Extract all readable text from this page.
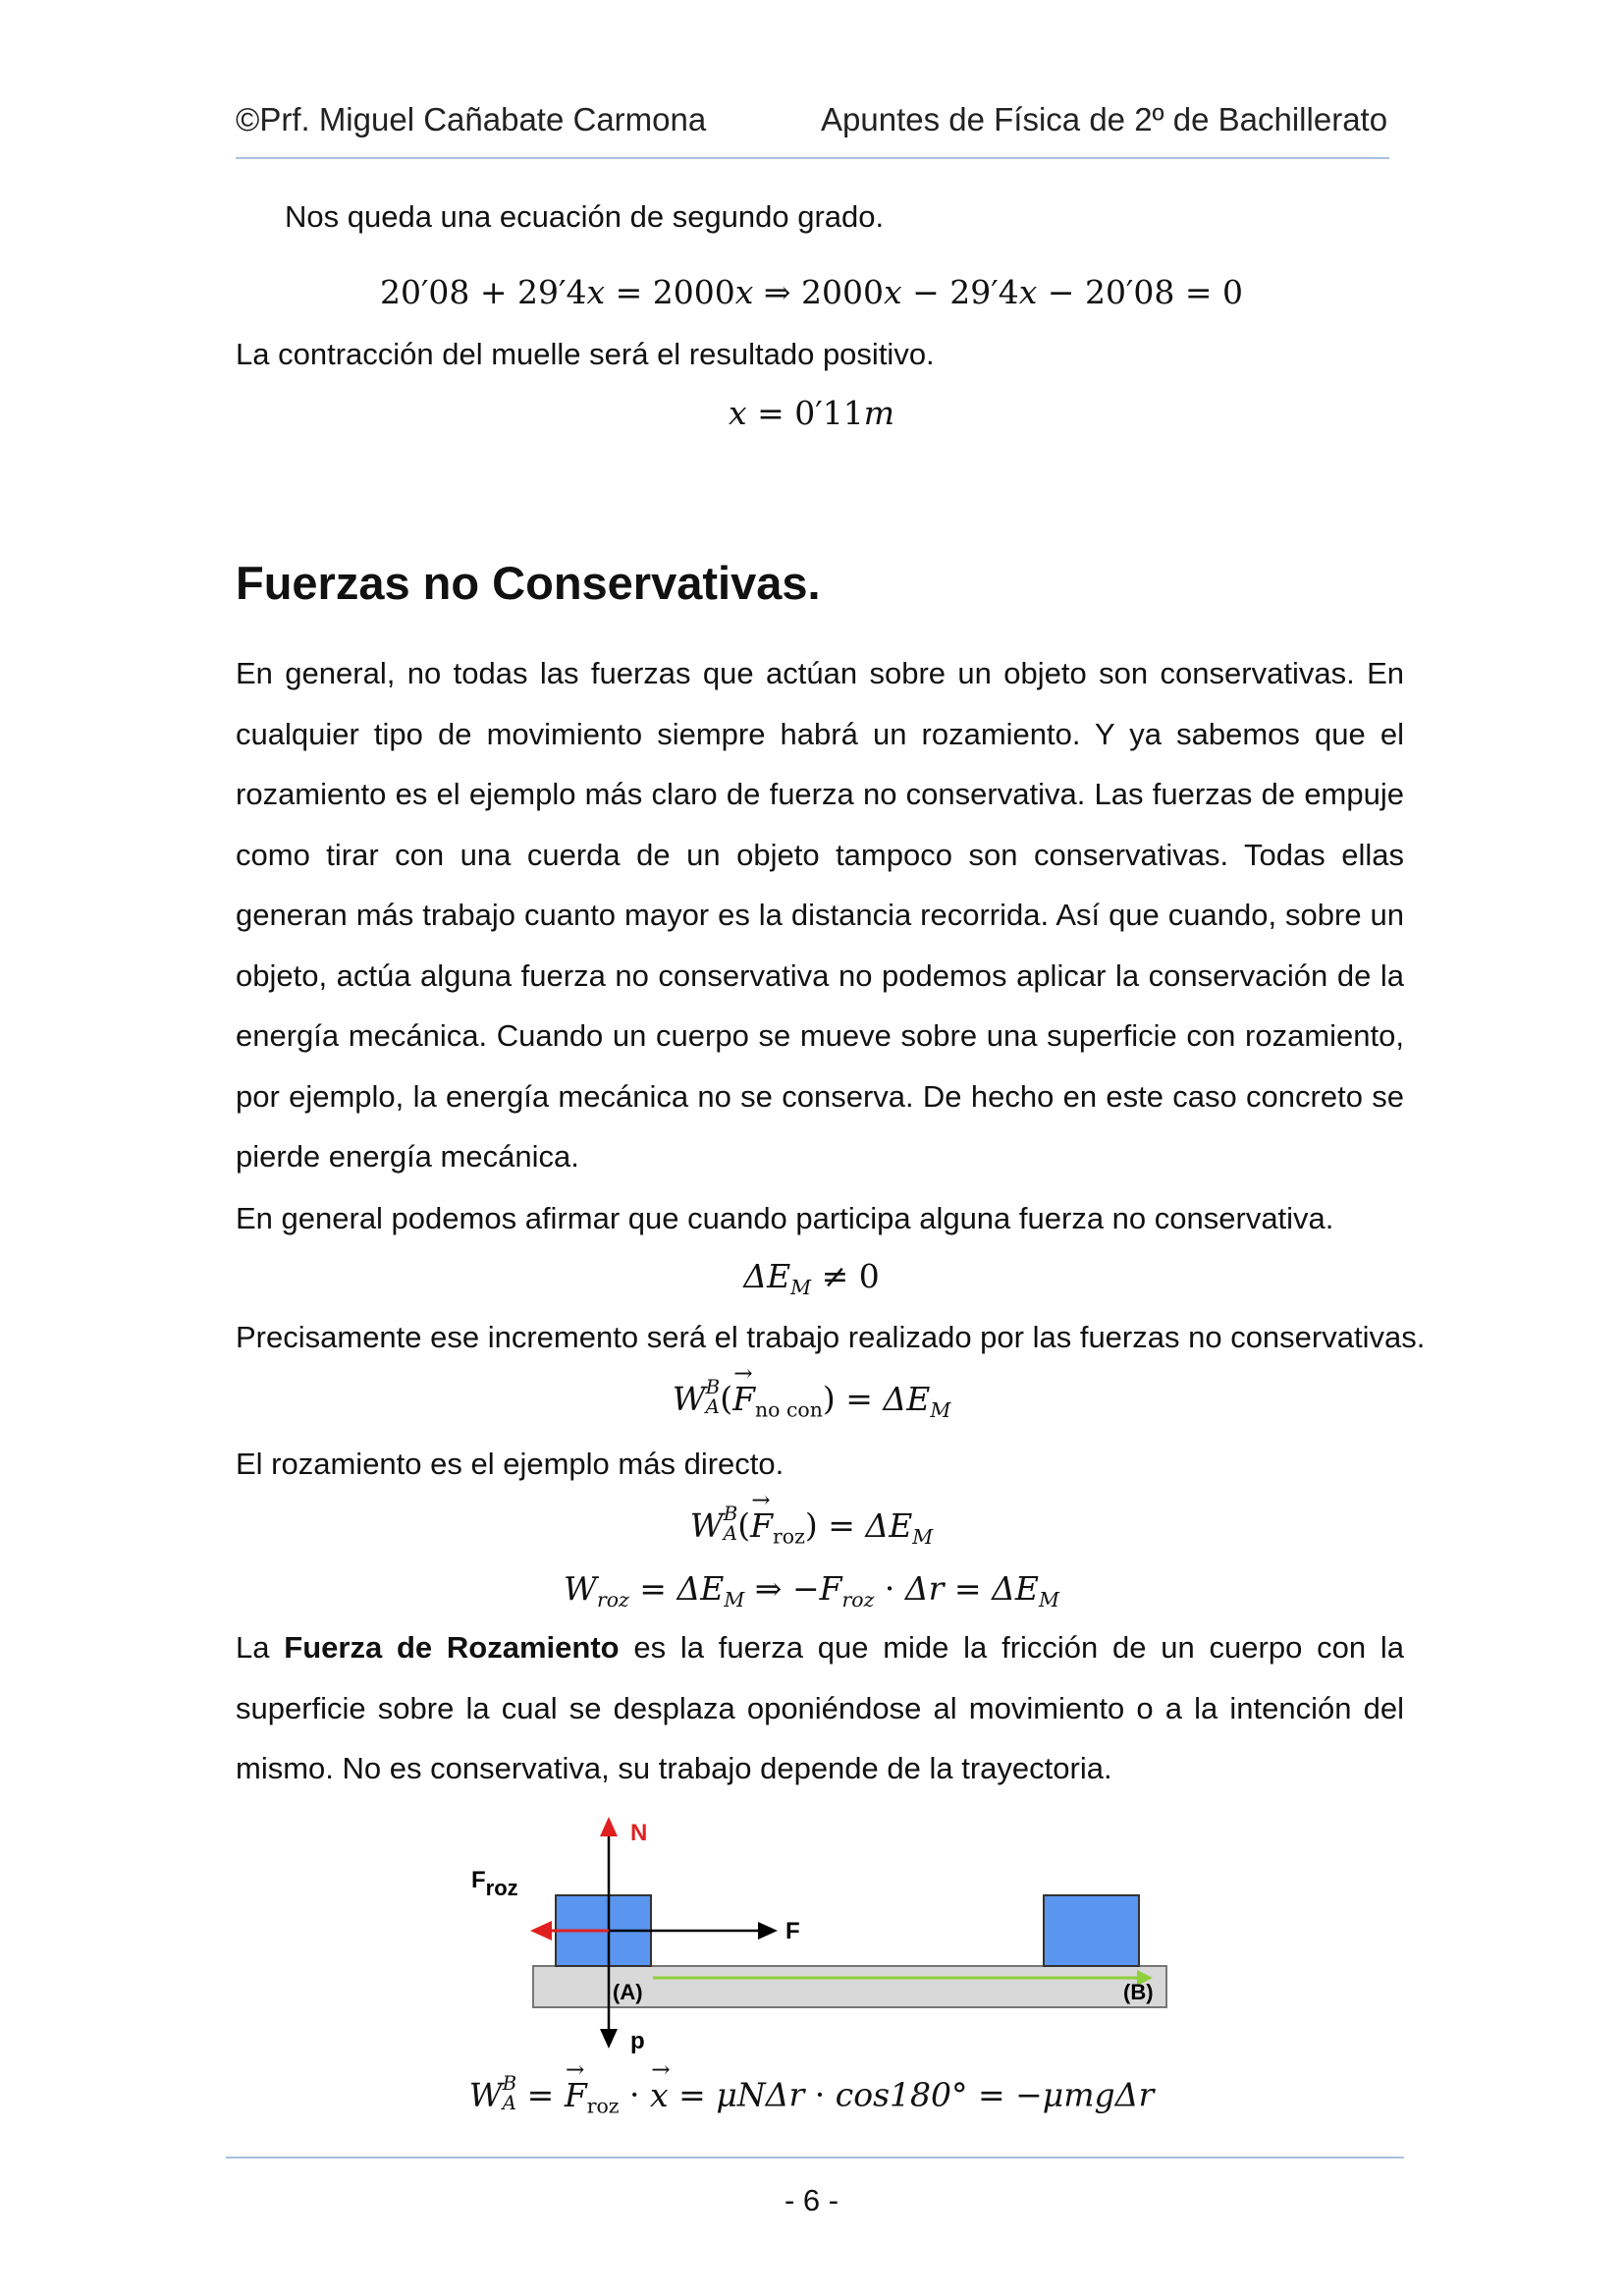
©Prf. Miguel Cañabate Carmona	Apuntes de Física de 2º de Bachillerato
Nos queda una ecuación de segundo grado.
20′08 + 29′4𝑥 = 2000𝑥 ⇒ 2000𝑥 − 29′4𝑥 − 20′08 = 0
La contracción del muelle será el resultado positivo.
𝑥 = 0′11𝑚
Fuerzas no Conservativas.
En general, no todas las fuerzas que actúan sobre un objeto son conservativas. En cualquier tipo de movimiento siempre habrá un rozamiento. Y ya sabemos que el rozamiento es el ejemplo más claro de fuerza no conservativa. Las fuerzas de empuje como tirar con una cuerda de un objeto tampoco son conservativas. Todas ellas generan más trabajo cuanto mayor es la distancia recorrida. Así que cuando, sobre un objeto, actúa alguna fuerza no conservativa no podemos aplicar la conservación de la energía mecánica. Cuando un cuerpo se mueve sobre una superficie con rozamiento, por ejemplo, la energía mecánica no se conserva. De hecho en este caso concreto se pierde energía mecánica.
En general podemos afirmar que cuando participa alguna fuerza no conservativa.
$\Delta E_M \ne 0$
Precisamente ese incremento será el trabajo realizado por las fuerzas no conservativas.
W B
A (→ $F_{no con}) = \Delta E_M$
El rozamiento es el ejemplo más directo.
W B
A (→ $F_{roz}) = \Delta E_M$
$W_{roz} = \Delta E_M$ ⇒ $-F_{roz} \cdot \Delta r = \Delta E_M$
La Fuerza de Rozamiento es la fuerza que mide la fricción de un cuerpo con la superficie sobre la cual se desplaza oponiéndose al movimiento o a la intención del mismo. No es conservativa, su trabajo depende de la trayectoria.
N
F
Froz
p
(A)	(B)
W B
A = → $F_{roz}$ · → x = μNΔr · cos180° = −μmgΔr
- 6 -
